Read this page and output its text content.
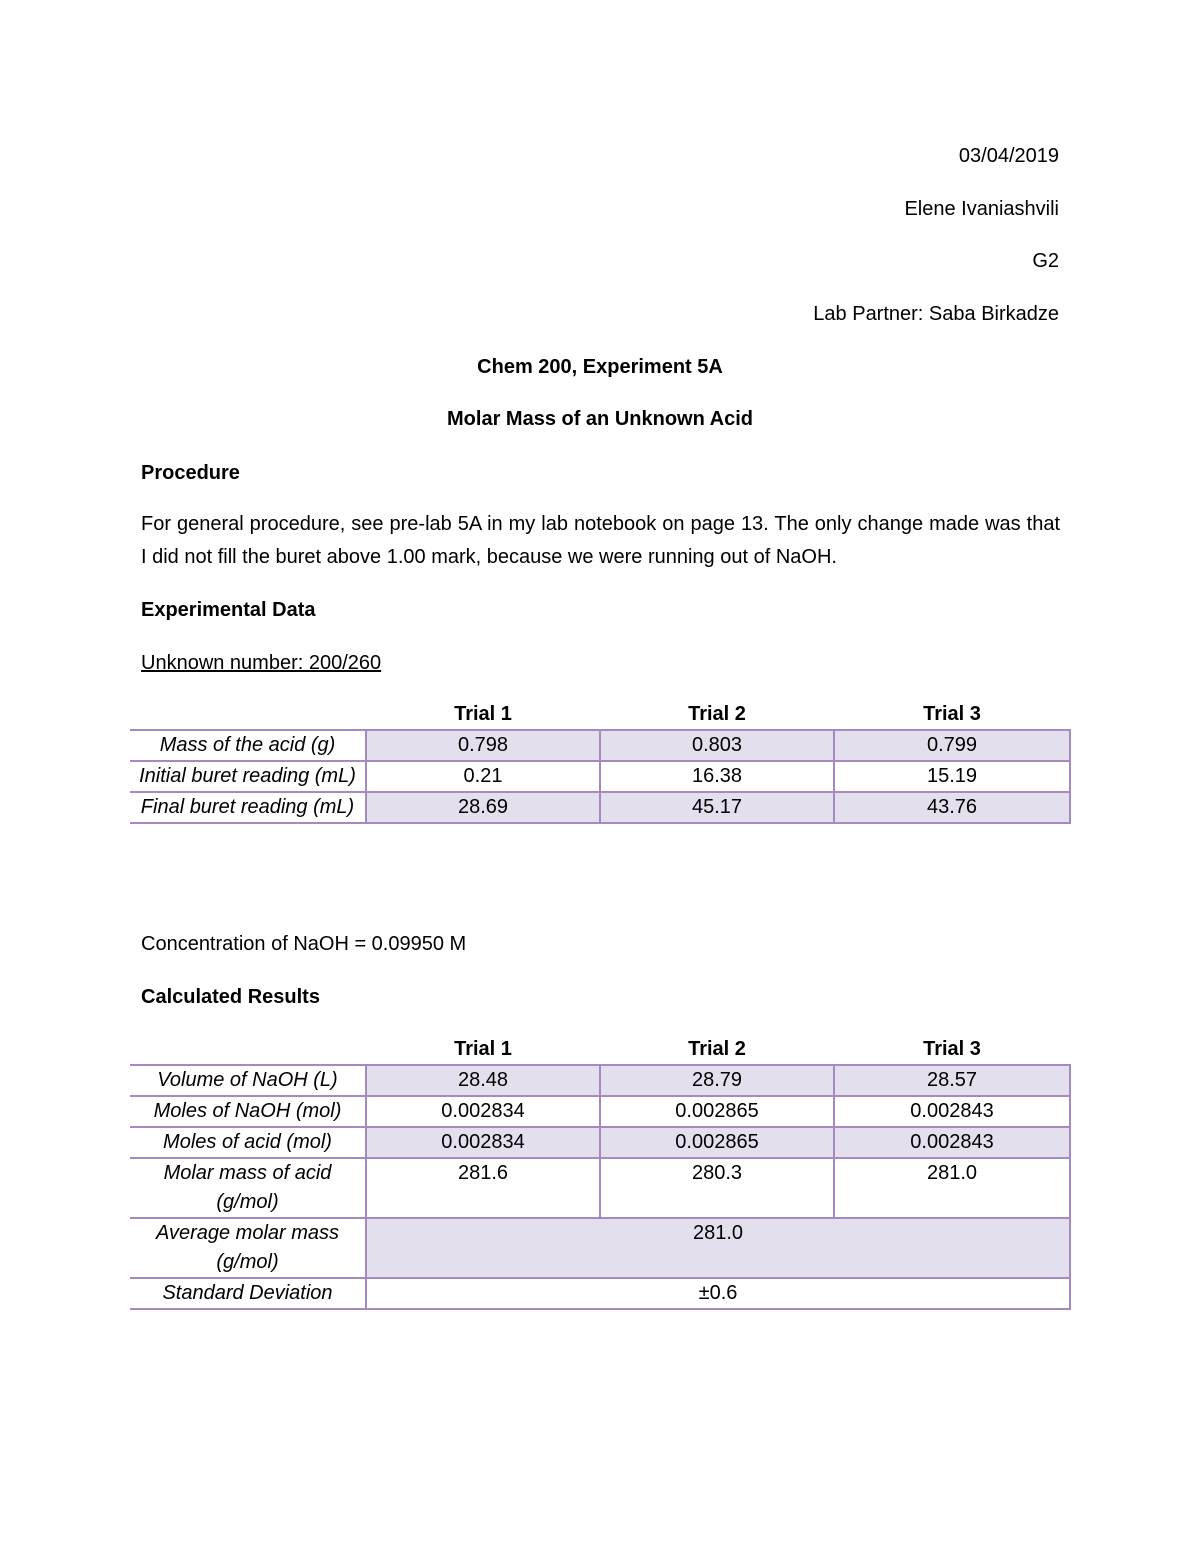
03/04/2019
Elene Ivaniashvili
G2
Lab Partner: Saba Birkadze
Chem 200, Experiment 5A
Molar Mass of an Unknown Acid
Procedure
For general procedure, see pre-lab 5A in my lab notebook on page 13. The only change made was that I did not fill the buret above 1.00 mark, because we were running out of NaOH.
Experimental Data
Unknown number: 200/260
	Trial 1	Trial 2	Trial 3
Mass of the acid (g)	0.798	0.803	0.799
Initial buret reading (mL)	0.21	16.38	15.19
Final buret reading (mL)	28.69	45.17	43.76
Concentration of NaOH = 0.09950 M
Calculated Results
	Trial 1	Trial 2	Trial 3
Volume of NaOH (L)	28.48	28.79	28.57
Moles of NaOH (mol)	0.002834	0.002865	0.002843
Moles of acid (mol)	0.002834	0.002865	0.002843
Molar mass of acid (g/mol)	281.6	280.3	281.0
Average molar mass (g/mol)	281.0		
Standard Deviation	±0.6		
